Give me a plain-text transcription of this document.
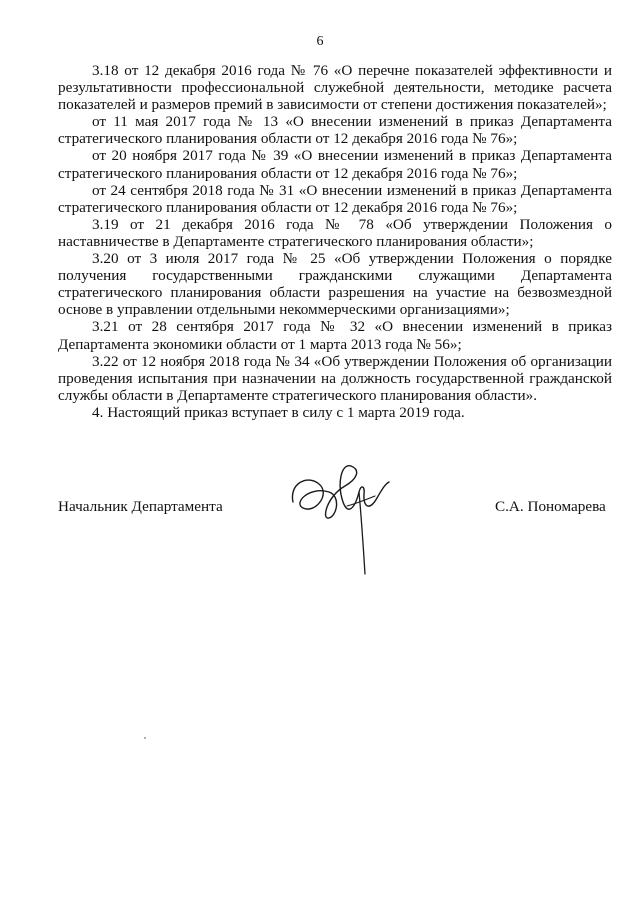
6

3.18 от 12 декабря 2016 года № 76 «О перечне показателей эффективности и результативности профессиональной служебной деятельности, методике расчета показателей и размеров премий в зависимости от степени достижения показателей»;

от 11 мая 2017 года № 13 «О внесении изменений в приказ Департамента стратегического планирования области от 12 декабря 2016 года № 76»;

от 20 ноября 2017 года № 39 «О внесении изменений в приказ Департамента стратегического планирования области от 12 декабря 2016 года № 76»;

от 24 сентября 2018 года № 31 «О внесении изменений в приказ Департамента стратегического планирования области от 12 декабря 2016 года № 76»;

3.19 от 21 декабря 2016 года № 78 «Об утверждении Положения о наставничестве в Департаменте стратегического планирования области»;

3.20 от 3 июля 2017 года № 25 «Об утверждении Положения о порядке получения государственными гражданскими служащими Департамента стратегического планирования области разрешения на участие на безвозмездной основе в управлении отдельными некоммерческими организациями»;

3.21 от 28 сентября 2017 года № 32 «О внесении изменений в приказ Департамента экономики области от 1 марта 2013 года № 56»;

3.22 от 12 ноября 2018 года № 34 «Об утверждении Положения об организации проведения испытания при назначении на должность государственной гражданской службы области в Департаменте стратегического планирования области».

4. Настоящий приказ вступает в силу с 1 марта 2019 года.

Начальник Департамента	С.А. Пономарева
